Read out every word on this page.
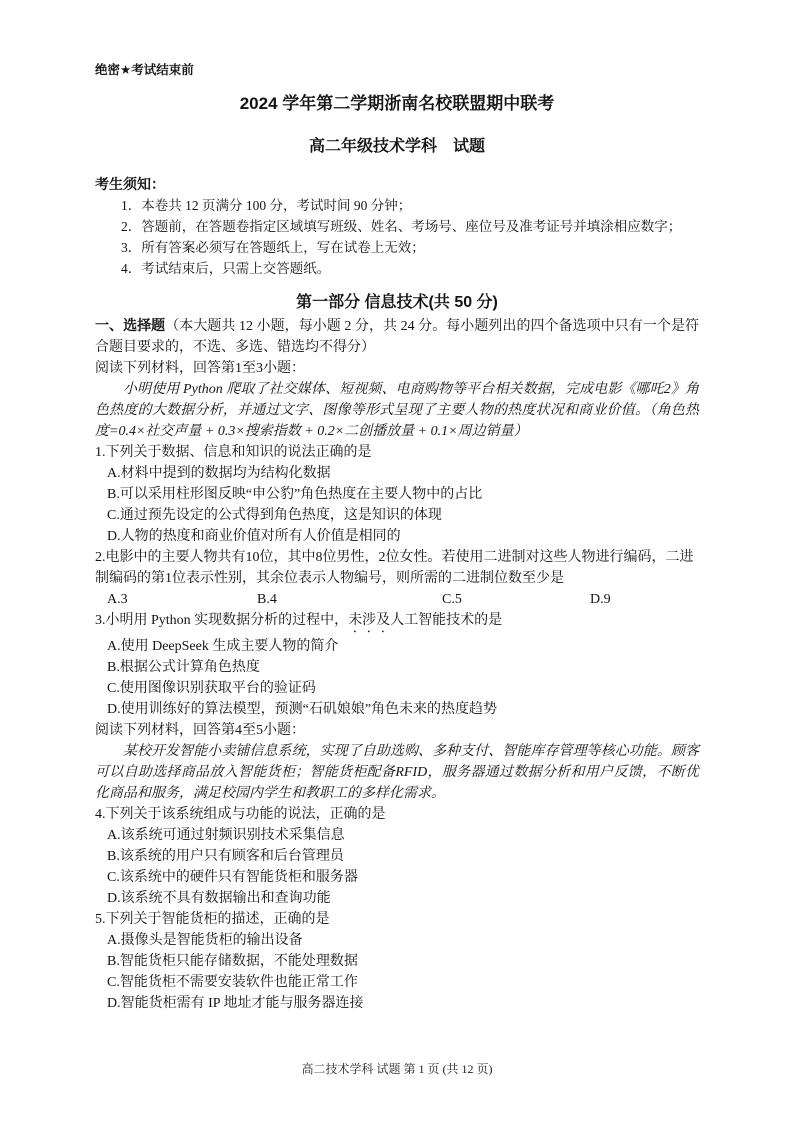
绝密★考试结束前
2024 学年第二学期浙南名校联盟期中联考
高二年级技术学科　试题
考生须知：

1．本卷共 12 页满分 100 分，考试时间 90 分钟；

2．答题前，在答题卷指定区域填写班级、姓名、考场号、座位号及准考证号并填涂相应数字；

3．所有答案必须写在答题纸上，写在试卷上无效；

4．考试结束后，只需上交答题纸。

第一部分 信息技术(共 50 分)

一、选择题（本大题共 12 小题，每小题 2 分，共 24 分。每小题列出的四个备选项中只有一个是符合题目要求的，不选、多选、错选均不得分）

阅读下列材料，回答第1至3小题：

小明使用 Python 爬取了社交媒体、短视频、电商购物等平台相关数据，完成电影《哪吒2》角色热度的大数据分析，并通过文字、图像等形式呈现了主要人物的热度状况和商业价值。（角色热度=0.4×社交声量 + 0.3×搜索指数 + 0.2×二创播放量 + 0.1×周边销量）

1.下列关于数据、信息和知识的说法正确的是

A.材料中提到的数据均为结构化数据

B.可以采用柱形图反映“申公豹”角色热度在主要人物中的占比

C.通过预先设定的公式得到角色热度，这是知识的体现

D.人物的热度和商业价值对所有人价值是相同的

2.电影中的主要人物共有10位，其中8位男性，2位女性。若使用二进制对这些人物进行编码，二进制编码的第1位表示性别，其余位表示人物编号，则所需的二进制位数至少是

A.3	B.4	C.5	D.9

3.小明用 Python 实现数据分析的过程中，未涉及人工智能技术的是

A.使用 DeepSeek 生成主要人物的简介

B.根据公式计算角色热度

C.使用图像识别获取平台的验证码

D.使用训练好的算法模型，预测“石矶娘娘”角色未来的热度趋势

阅读下列材料，回答第4至5小题：

某校开发智能小卖铺信息系统，实现了自助选购、多种支付、智能库存管理等核心功能。顾客可以自助选择商品放入智能货柜；智能货柜配备RFID，服务器通过数据分析和用户反馈，不断优化商品和服务，满足校园内学生和教职工的多样化需求。

4.下列关于该系统组成与功能的说法，正确的是

A.该系统可通过射频识别技术采集信息

B.该系统的用户只有顾客和后台管理员

C.该系统中的硬件只有智能货柜和服务器

D.该系统不具有数据输出和查询功能

5.下列关于智能货柜的描述，正确的是

A.摄像头是智能货柜的输出设备

B.智能货柜只能存储数据，不能处理数据

C.智能货柜不需要安装软件也能正常工作

D.智能货柜需有 IP 地址才能与服务器连接

高二技术学科 试题 第 1 页 (共 12 页)
